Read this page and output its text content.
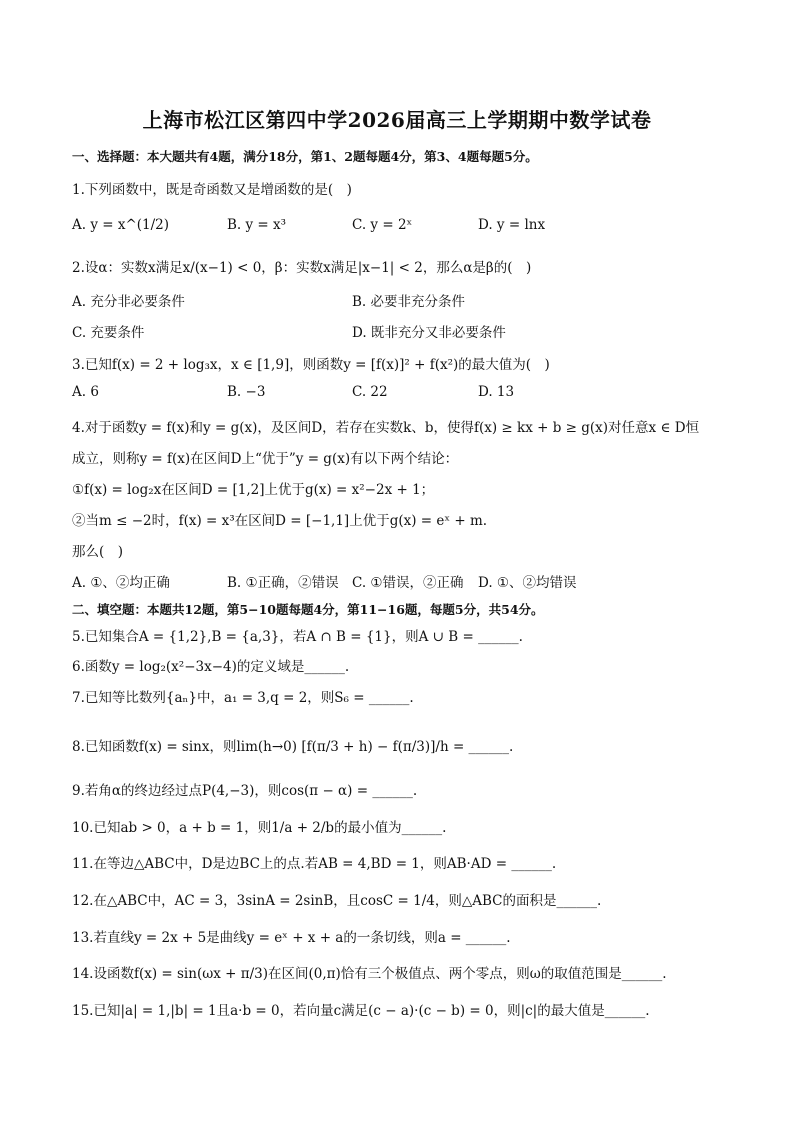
上海市松江区第四中学2026届高三上学期期中数学试卷
一、选择题：本大题共有4题，满分18分，第1、2题每题4分，第3、4题每题5分。
1.下列函数中，既是奇函数又是增函数的是(　)
A. y = x^(1/2)	B. y = x³	C. y = 2ˣ	D. y = lnx
2.设α：实数x满足x/(x−1) < 0，β：实数x满足|x−1| < 2，那么α是β的(　)
A. 充分非必要条件	B. 必要非充分条件
C. 充要条件	D. 既非充分又非必要条件
3.已知f(x) = 2 + log₃x，x ∈ [1,9]，则函数y = [f(x)]² + f(x²)的最大值为(　)
A. 6	B. −3	C. 22	D. 13
4.对于函数y = f(x)和y = g(x)，及区间D，若存在实数k、b，使得f(x) ≥ kx + b ≥ g(x)对任意x ∈ D恒
成立，则称y = f(x)在区间D上“优于”y = g(x)有以下两个结论：
①f(x) = log₂x在区间D = [1,2]上优于g(x) = x²−2x + 1；
②当m ≤ −2时，f(x) = x³在区间D = [−1,1]上优于g(x) = eˣ + m.
那么(　)
A. ①、②均正确	B. ①正确，②错误 C. ①错误，②正确 D. ①、②均错误
二、填空题：本题共12题，第5−10题每题4分，第11−16题，每题5分，共54分。
5.已知集合A = {1,2},B = {a,3}，若A ∩ B = {1}，则A ∪ B = ______.
6.函数y = log₂(x²−3x−4)的定义域是______.
7.已知等比数列{aₙ}中，a₁ = 3,q = 2，则S₆ = ______.
8.已知函数f(x) = sinx，则lim(h→0) [f(π/3 + h) − f(π/3)]/h = ______.
9.若角α的终边经过点P(4,−3)，则cos(π − α) = ______.
10.已知ab > 0，a + b = 1，则1/a + 2/b的最小值为______.
11.在等边△ABC中，D是边BC上的点.若AB = 4,BD = 1，则AB·AD = ______.
12.在△ABC中，AC = 3，3sinA = 2sinB，且cosC = 1/4，则△ABC的面积是______.
13.若直线y = 2x + 5是曲线y = eˣ + x + a的一条切线，则a = ______.
14.设函数f(x) = sin(ωx + π/3)在区间(0,π)恰有三个极值点、两个零点，则ω的取值范围是______.
15.已知|a| = 1,|b| = 1且a·b = 0，若向量c满足(c − a)·(c − b) = 0，则|c|的最大值是______.
